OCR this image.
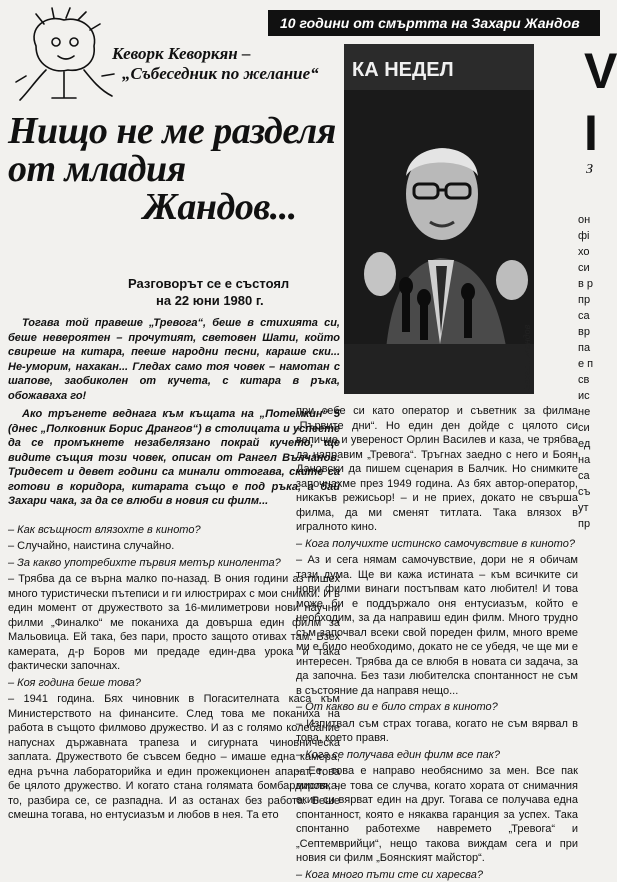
10 години от смъртта на Захари Жандов
Кеворк Кеворкян –
„Събеседник по желание“
Нищо не ме разделя
от младия
Жандов...
Разговорът се е състоял
на 22 юни 1980 г.
КА НЕДЕЛ
Захари Жандов
V
I
З
он
фі
хо
си
в р
пр
са
вр
па
е п
св
ис
не
си
ед
на
са
съ
ут
пр

Тогава той правеше „Тревога“, беше в стихията си, беше невероятен – прочутият, световен Шати, който свиреше на китара, пееше народни песни, караше ски... Не-уморим, нахакан... Гледах само тоя човек – намотан с шапове, заобиколен от кучета, с китара в ръка, обожаваха го!

Ако тръгнете веднага към къщата на „Потемкин“ 5 (днес „Полковник Борис Дрангов“) в столицата и успеете да се промъкнете незабелязано покрай кучето, ще видите същия този човек, описан от Рангел Вълчанов. Тридесет и девет години са минали оттогава, ските са готови в коридора, китарата също е под ръка, а бай Захари чака, за да се влюби в новия си филм...

– Как всъщност влязохте в киното?

– Случайно, наистина случайно.

– За какво употребихте първия метър кинолента?

– Трябва да се върна малко по-назад. В ония години аз пишех много туристически пътеписи и ги илюстрирах с мои снимки. И в един момент от дружеството за 16-милиметрови нови научни филми „Финалко“ ме поканиха да довърша един филм за Мальовица. Ей така, без пари, просто защото отивах там. Взех камерата, д-р Боров ми предаде един-два урока и така фактически започнах.

– Коя година беше това?

– 1941 година. Бях чиновник в Погасителната каса към Министерството на финансите. След това ме поканиха на работа в същото филмово дружество. И аз с голямо колебание напуснах държавната трапеза и сигурната чиновническа заплата. Дружеството бе съвсем бедно – имаше една камера, една ръчна лабораторийка и един прожекционен апарат, това бе цялото дружество. И когато стана голямата бомбардировка, то, разбира се, се разпадна. И аз останах без работа. Беше смешна тогава, но ентусиазъм и любов в нея. Та ето

при себе си като оператор и съветник за филма „Първите дни“. Но един ден дойде с цялото си величие и увереност Орлин Василев и каза, че трябва да направим „Тревога“. Тръгнах заедно с него и Боян Дановски да пишем сценария в Балчик. Но снимките започнахме през 1949 година. Аз бях автор-оператор, никакъв режисьор! – и не приех, докато не свърша филма, да ми сменят титлата. Така влязох в игралното кино.

– Кога получихте истинско самочувствие в киното?

– Аз и сега нямам самочувствие, дори не я обичам тази дума. Ще ви кажа истината – към всичките си нови филми винаги постъпвам като любител! И това може би е поддържало оня ентусиазъм, който е необходим, за да направиш един филм. Много трудно съм започвал всеки свой пореден филм, много време ми е било необходимо, докато не се убедя, че ще ми е интересен. Трябва да се влюбя в новата си задача, за да започна. Без тази любителска спонтанност не съм в състояние да направя нещо...

– От какво ви е било страх в киното?

– Изпитвал съм страх тогава, когато не съм вярвал в това, което правя.

– Кога се получава един филм все пак?

– Ее, това е направо необяснимо за мен. Все пак мисля, че това се случва, когато хората от снимачния екип си вярват един на друг. Тогава се получава една спонтанност, която е някаква гаранция за успех. Така спонтанно работехме навремето „Тревога“ и „Септемврийци“, нещо такова виждам сега и при новия си филм „Боянският майстор“.

– Кога много пъти сте си харесва?
